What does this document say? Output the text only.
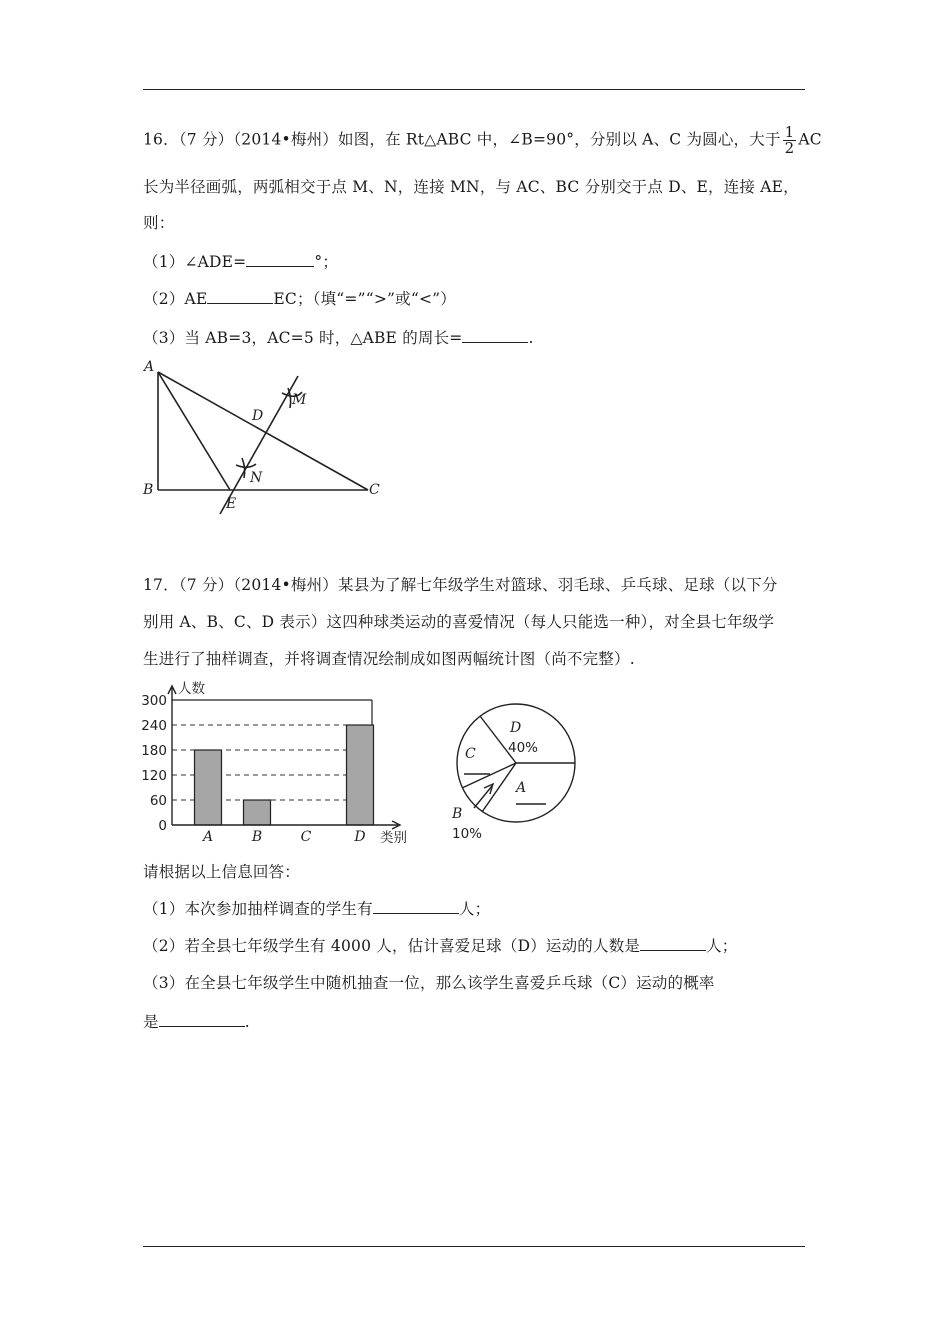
16．（7 分）（2014•梅州）如图，在 Rt△ABC 中，∠B=90°，分别以 A、C 为圆心，大于 $\frac{1}{2}$ AC
长为半径画弧，两弧相交于点 M、N，连接 MN，与 AC、BC 分别交于点 D、E，连接 AE，
则：
（1）∠ADE=	°；
（2）AE	EC；（填“=”“>”或“<”）
（3）当 AB=3，AC=5 时，△ABE 的周长=	.
A
B	C
D
E
M
N
17．（7 分）（2014•梅州）某县为了解七年级学生对篮球、羽毛球、乒乓球、足球（以下分
别用 A、B、C、D 表示）这四种球类运动的喜爱情况（每人只能选一种），对全县七年级学
生进行了抽样调查，并将调查情况绘制成如图两幅统计图（尚不完整）.
0
60
120
180
240
300
A	B	C	D
人数
类别
D
40%
C
A
B
10%
请根据以上信息回答：
（1）本次参加抽样调查的学生有	人；
（2）若全县七年级学生有 4000 人，估计喜爱足球（D）运动的人数是	人；
（3）在全县七年级学生中随机抽查一位，那么该学生喜爱乒乓球（C）运动的概率
是	.
